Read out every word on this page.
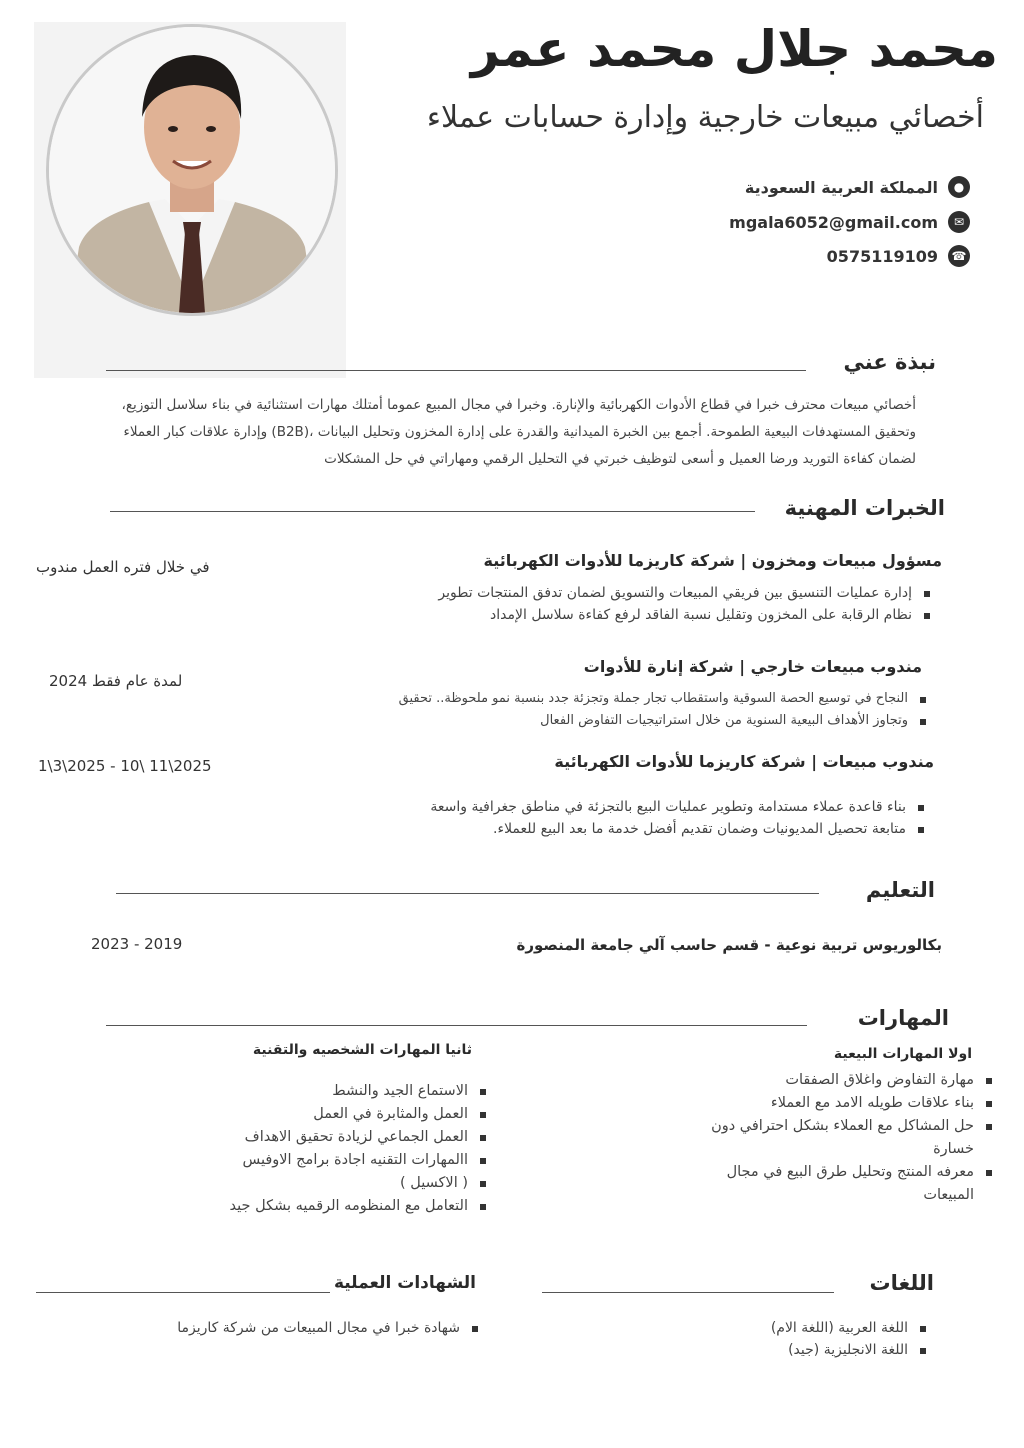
محمد جلال محمد عمر
أخصائي مبيعات خارجية وإدارة حسابات عملاء
●
المملكة العربية السعودية
✉
mgala6052@gmail.com
☎
0575119109
نبذة عني
أخصائي مبيعات محترف خبرا في قطاع الأدوات الكهربائية والإنارة. وخبرا في مجال المبيع عموما أمتلك مهارات استثنائية في بناء سلاسل التوزيع،
وتحقيق المستهدفات البيعية الطموحة. أجمع بين الخبرة الميدانية والقدرة على إدارة المخزون وتحليل البيانات ،(B2B) وإدارة علاقات كبار العملاء
لضمان كفاءة التوريد ورضا العميل و أسعى لتوظيف خبرتي في التحليل الرقمي ومهاراتي في حل المشكلات
الخبرات المهنية
مسؤول مبيعات ومخزون | شركة كاريزما للأدوات الكهربائية
في خلال فتره العمل مندوب
إدارة عمليات التنسيق بين فريقي المبيعات والتسويق لضمان تدفق المنتجات تطوير
نظام الرقابة على المخزون وتقليل نسبة الفاقد لرفع كفاءة سلاسل الإمداد
مندوب مبيعات خارجي | شركة إنارة للأدوات
لمدة عام فقط 2024
النجاح في توسيع الحصة السوقية واستقطاب تجار جملة وتجزئة جدد بنسبة نمو ملحوظة.. تحقيق
وتجاوز الأهداف البيعية السنوية من خلال استراتيجيات التفاوض الفعال
مندوب مبيعات | شركة كاريزما للأدوات الكهربائية
1\3\2025 - 10\ 11\2025
بناء قاعدة عملاء مستدامة وتطوير عمليات البيع بالتجزئة في مناطق جغرافية واسعة
متابعة تحصيل المديونيات وضمان تقديم أفضل خدمة ما بعد البيع للعملاء.
التعليم
بكالوريوس تربية نوعية - قسم حاسب آلي جامعة المنصورة
2019 - 2023
المهارات
اولا المهارات البيعية
مهارة التفاوض واغلاق الصفقات
بناء علاقات طويله الامد مع العملاء
حل المشاكل مع العملاء بشكل احترافي دون خسارة
معرفه المنتج وتحليل طرق البيع في مجال المبيعات
ثانيا المهارات الشخصيه والتقنية
الاستماع الجيد والنشط
العمل والمثابرة في العمل
العمل الجماعي لزيادة تحقيق الاهداف
االمهارات التقنيه اجادة برامج الاوفيس
( الاكسيل )
التعامل مع المنظومه الرقميه بشكل جيد
اللغات
اللغة العربية (اللغة الام)
اللغة الانجليزية (جيد)
الشهادات العملية
شهادة خبرا في مجال المبيعات من شركة كاريزما
